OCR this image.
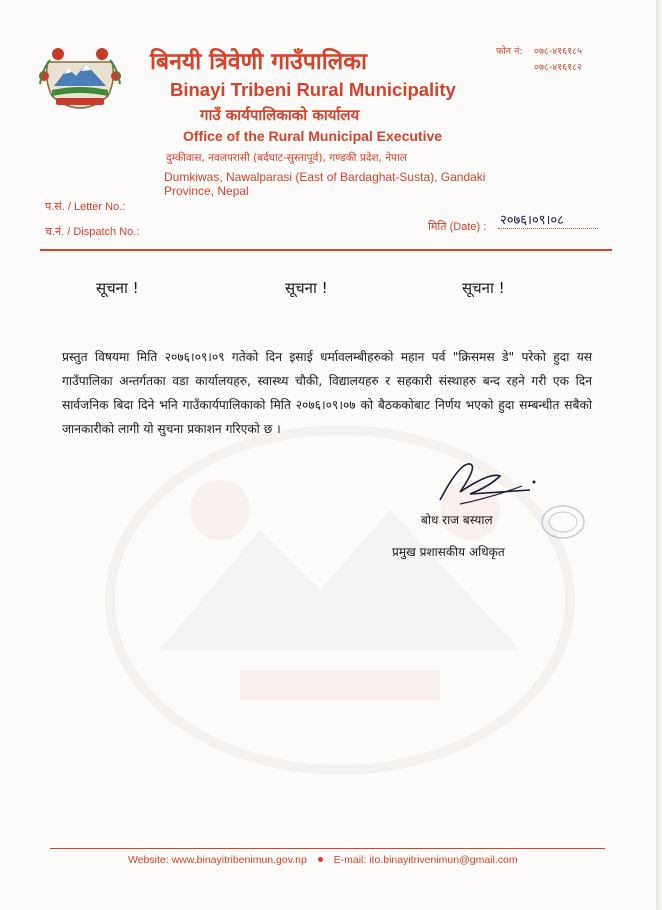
बिनयी त्रिवेणी गाउँपालिका
Binayi Tribeni Rural Municipality
गाउँ कार्यपालिकाको कार्यालय
Office of the Rural Municipal Executive
दुम्कीवास, नवलपरासी (बर्दघाट-सुस्तापूर्व), गण्डकी प्रदेश, नेपाल
Dumkiwas, Nawalparasi (East of Bardaghat-Susta), Gandaki Province, Nepal
फोन नं: ०७८-४१६१८५
०७८-४१६१८२
प.सं. / Letter No.:
च.नं. / Dispatch No.:	मिति (Date) : २०७६।०९।०८
सूचना !	सूचना !	सूचना !
प्रस्तुत विषयमा मिति २०७६।०९।०९ गतेको दिन इसाई धर्मावलम्बीहरुको महान पर्व "क्रिसमस डे" परेको हुदा यस गाउँपालिका अन्तर्गतका वडा कार्यालयहरु, स्वास्थ्य चौकी, विद्यालयहरु र सहकारी संस्थाहरु बन्द रहने गरी एक दिन सार्वजनिक बिदा दिने भनि गाउँकार्यपालिकाको मिति २०७६।०९।०७ को बैठककोबाट निर्णय भएको हुदा सम्बन्धीत सबैको जानकारीको लागी यो सुचना प्रकाशन गरिएको छ ।
बोध राज बस्याल
प्रमुख प्रशासकीय अधिकृत
Website: www.binayitribenimun.gov.np	E-mail: ito.binayitrivenimun@gmail.com
